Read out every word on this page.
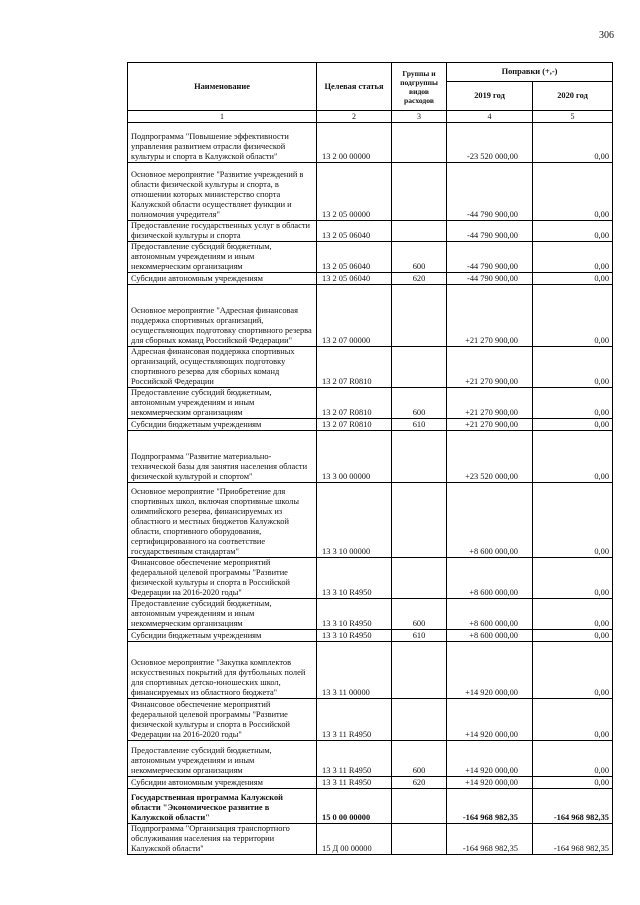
306
Наименование	Целевая статья	Группы и подгруппы видов расходов	Поправки (+,-)	
			2019 год	2020 год
1	2	3	4	5
Подпрограмма "Повышение эффективности управления развитием отрасли физической культуры и спорта в Калужской области"	13 2 00 00000		-23 520 000,00	0,00
Основное мероприятие "Развитие учреждений в области физической культуры и спорта, в отношении которых министерство спорта Калужской области осуществляет функции и полномочия учредителя"	13 2 05 00000		-44 790 900,00	0,00
Предоставление государственных услуг в области физической культуры и спорта	13 2 05 06040		-44 790 900,00	0,00
Предоставление субсидий бюджетным, автономным учреждениям и иным некоммерческим организациям	13 2 05 06040	600	-44 790 900,00	0,00
Субсидии автономным учреждениям	13 2 05 06040	620	-44 790 900,00	0,00
Основное мероприятие "Адресная финансовая поддержка спортивных организаций, осуществляющих подготовку спортивного резерва для сборных команд Российской Федерации"	13 2 07 00000		+21 270 900,00	0,00
Адресная финансовая поддержка спортивных организаций, осуществляющих подготовку спортивного резерва для сборных команд Российской Федерации	13 2 07 R0810		+21 270 900,00	0,00
Предоставление субсидий бюджетным, автономным учреждениям и иным некоммерческим организациям	13 2 07 R0810	600	+21 270 900,00	0,00
Субсидии бюджетным учреждениям	13 2 07 R0810	610	+21 270 900,00	0,00
Подпрограмма "Развитие материально-технической базы для занятия населения области физической культурой и спортом"	13 3 00 00000		+23 520 000,00	0,00
Основное мероприятие "Приобретение для спортивных школ, включая спортивные школы олимпийского резерва, финансируемых из областного и местных бюджетов Калужской области, спортивного оборудования, сертифицированного на соответствие государственным стандартам"	13 3 10 00000		+8 600 000,00	0,00
Финансовое обеспечение мероприятий федеральной целевой программы "Развитие физической культуры и спорта в Российской Федерации на 2016-2020 годы"	13 3 10 R4950		+8 600 000,00	0,00
Предоставление субсидий бюджетным, автономным учреждениям и иным некоммерческим организациям	13 3 10 R4950	600	+8 600 000,00	0,00
Субсидии бюджетным учреждениям	13 3 10 R4950	610	+8 600 000,00	0,00
Основное мероприятие "Закупка комплектов искусственных покрытий для футбольных полей для спортивных детско-юношеских школ, финансируемых из областного бюджета"	13 3 11 00000		+14 920 000,00	0,00
Финансовое обеспечение мероприятий федеральной целевой программы "Развитие физической культуры и спорта в Российской Федерации на 2016-2020 годы"	13 3 11 R4950		+14 920 000,00	0,00
Предоставление субсидий бюджетным, автономным учреждениям и иным некоммерческим организациям	13 3 11 R4950	600	+14 920 000,00	0,00
Субсидии автономным учреждениям	13 3 11 R4950	620	+14 920 000,00	0,00
Государственная программа Калужской области "Экономическое развитие в Калужской области"	15 0 00 00000		-164 968 982,35	-164 968 982,35
Подпрограмма "Организация транспортного обслуживания населения на территории Калужской области"	15 Д 00 00000		-164 968 982,35	-164 968 982,35
